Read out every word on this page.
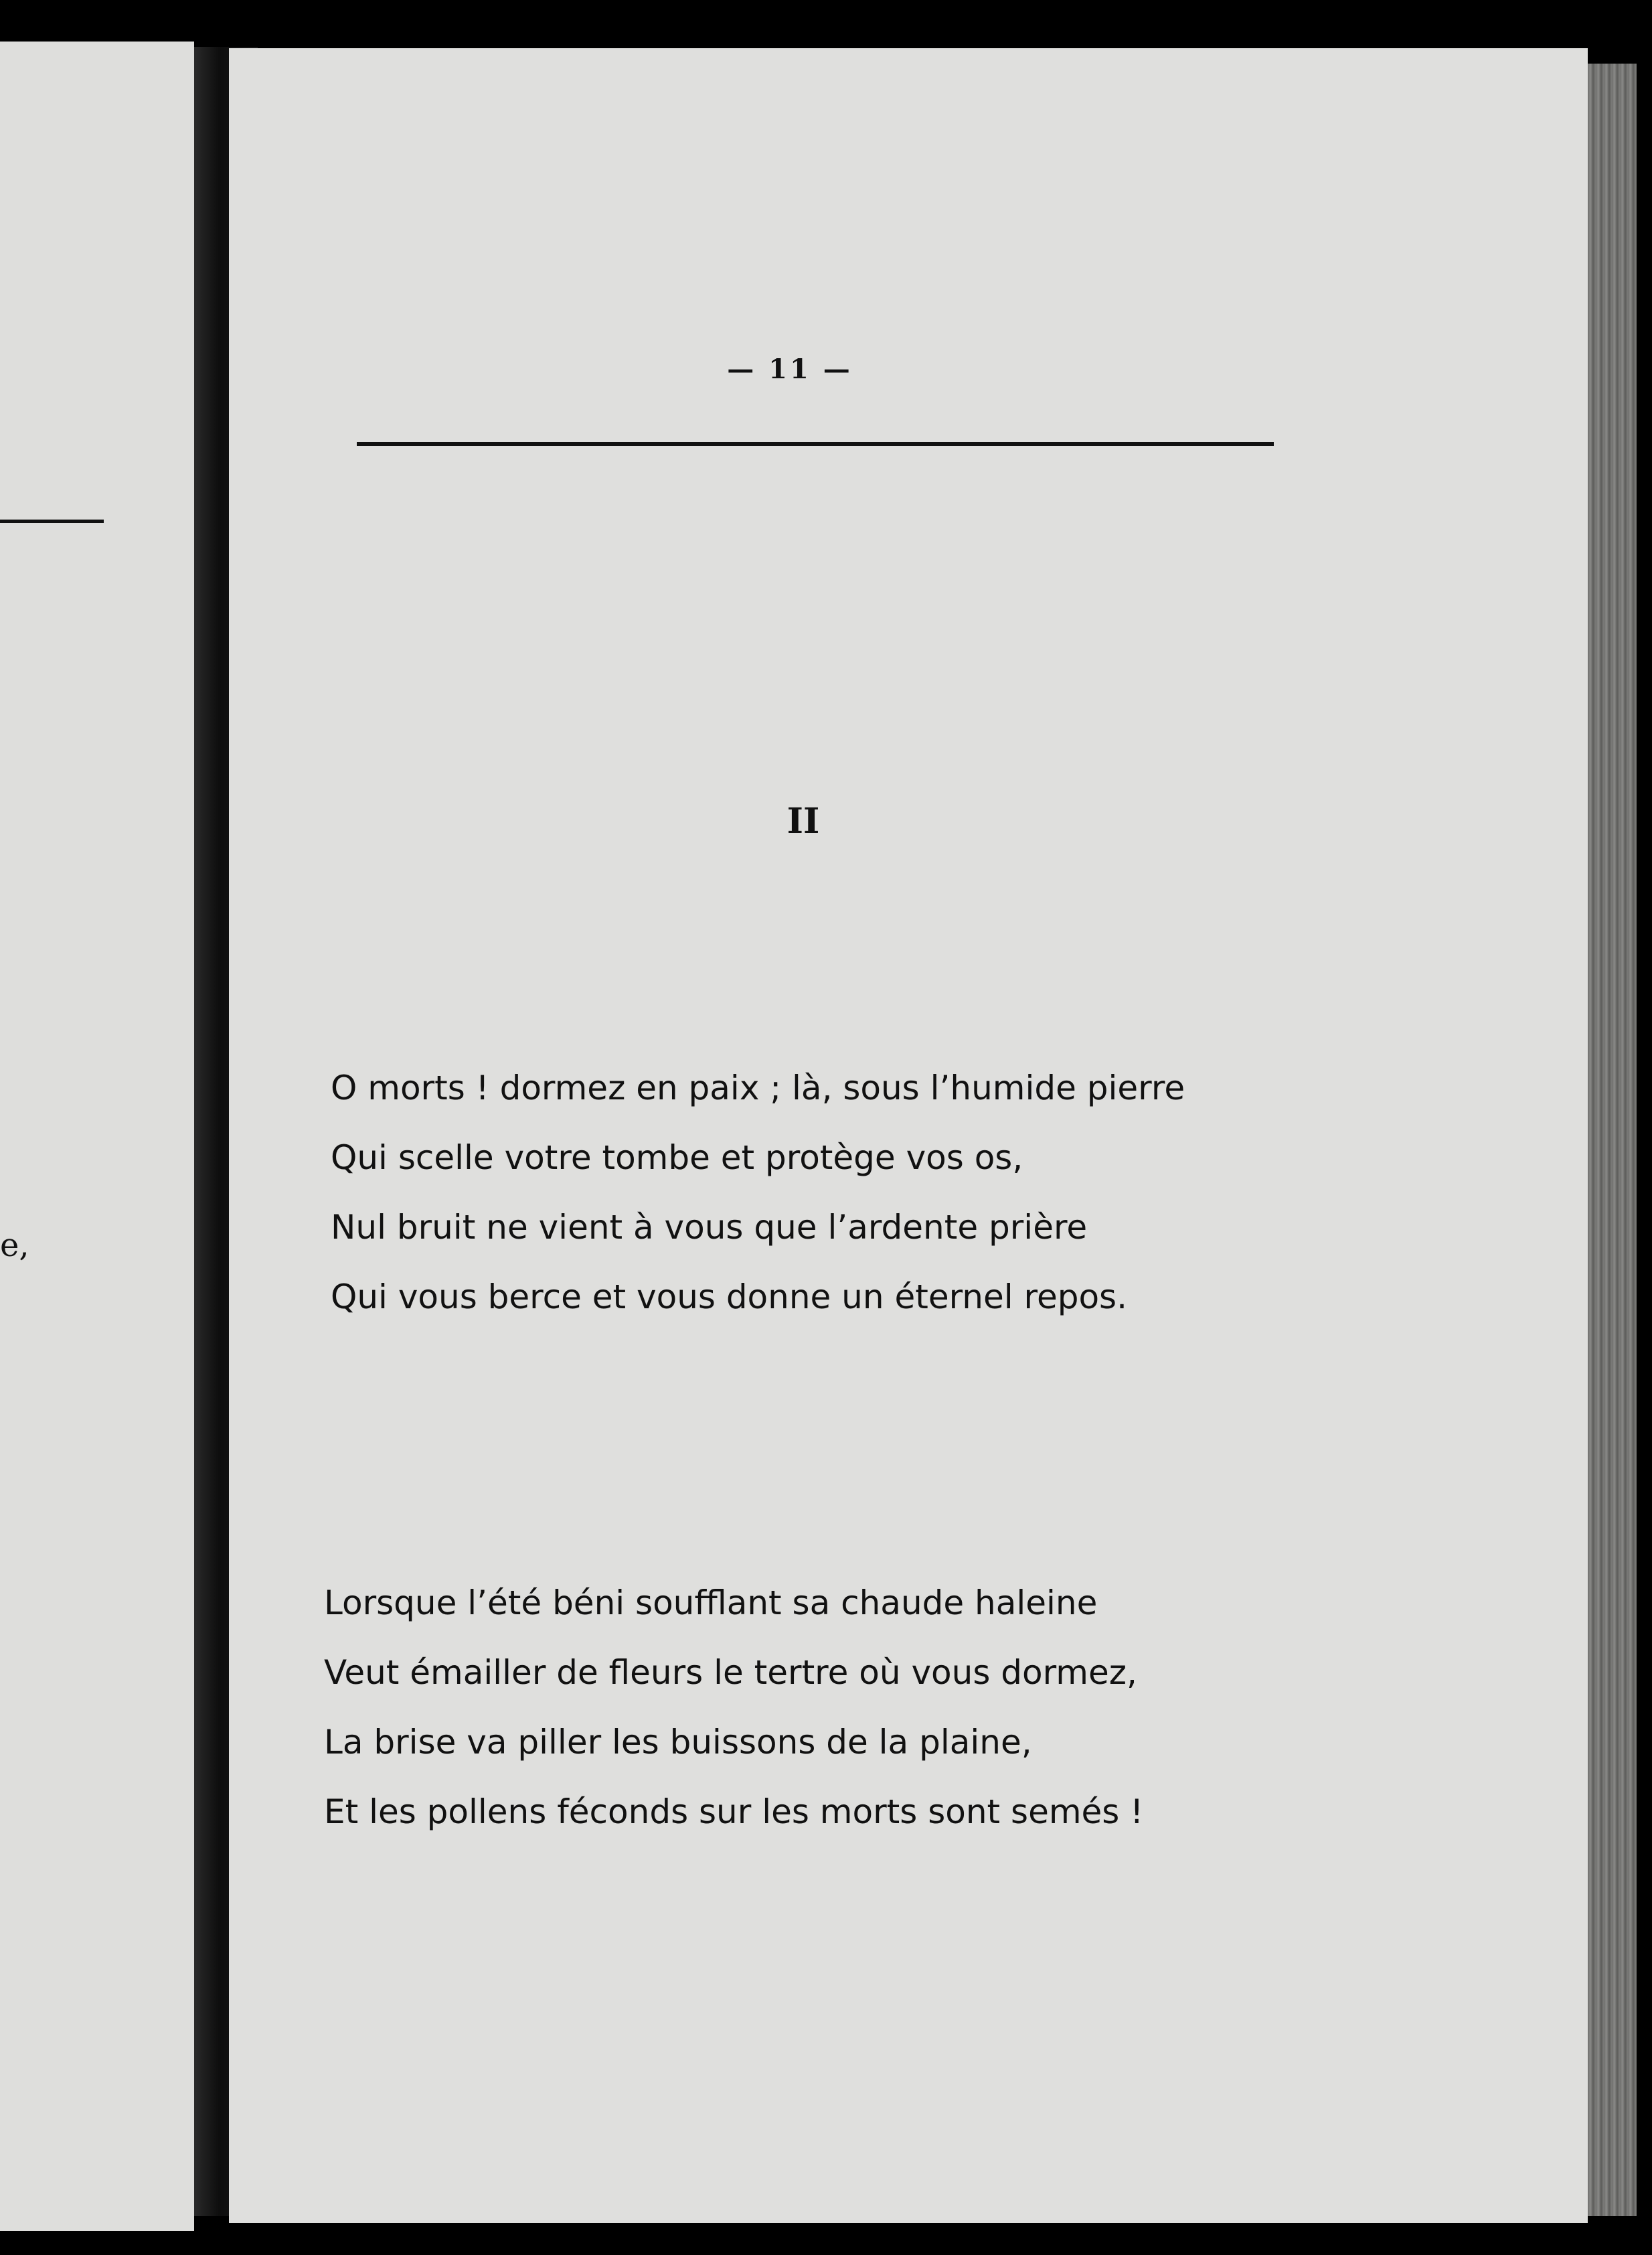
e,
— 11 —
II
O morts ! dormez en paix ; là, sous l’humide pierre
Qui scelle votre tombe et protège vos os,
Nul bruit ne vient à vous que l’ardente prière
Qui vous berce et vous donne un éternel repos.
Lorsque l’été béni soufflant sa chaude haleine
Veut émailler de fleurs le tertre où vous dormez,
La brise va piller les buissons de la plaine,
Et les pollens féconds sur les morts sont semés !
